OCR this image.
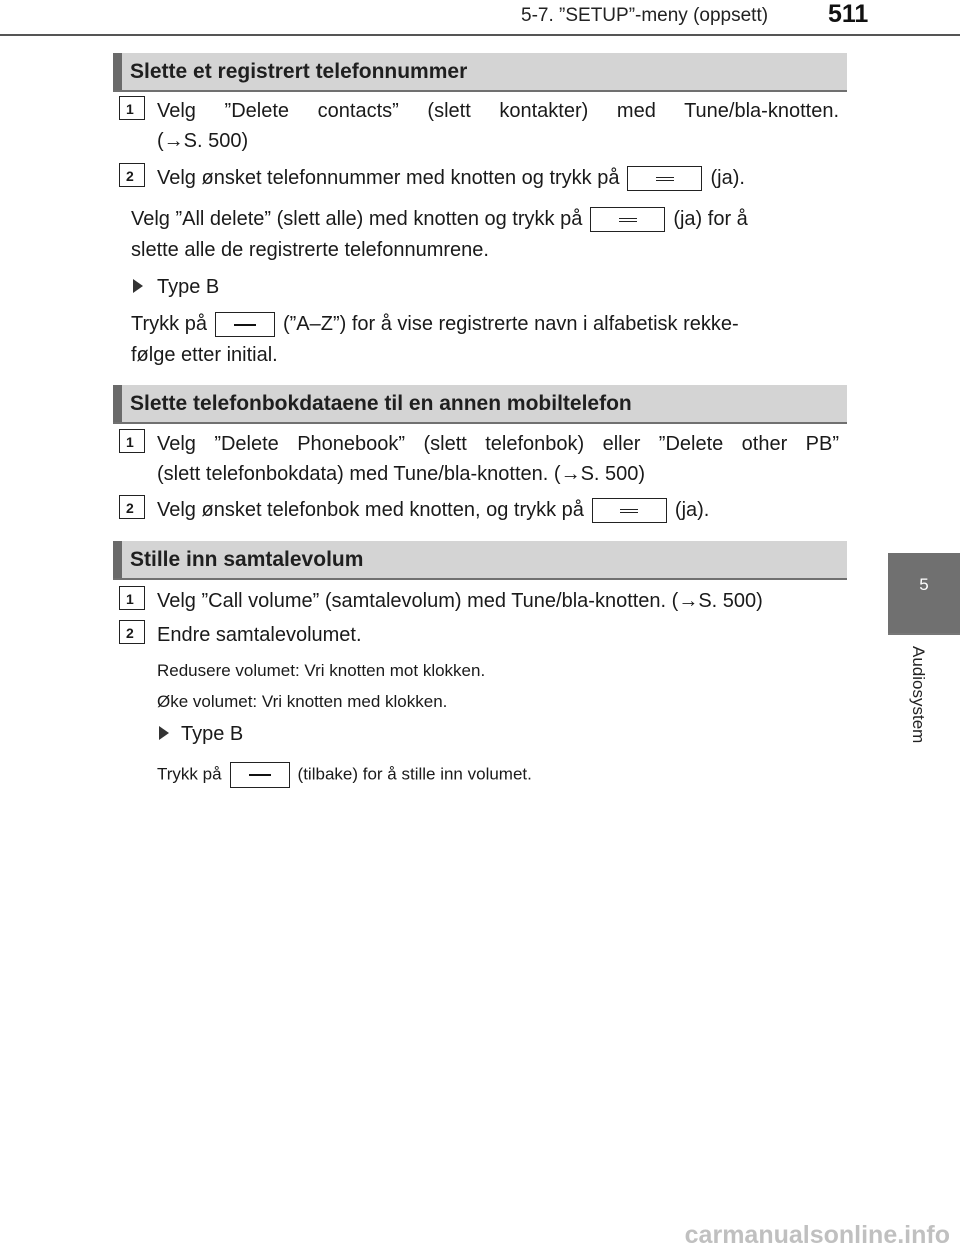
5-7. ”SETUP”-meny (oppsett) 511
5
Audiosystem
Slette et registrert telefonnummer
1	Velg ”Delete contacts” (slett kontakter) med Tune/bla-knotten.
(→S. 500)
2	Velg ønsket telefonnummer med knotten og trykk på	(ja).
Velg ”All delete” (slett alle) med knotten og trykk på	(ja) for å
slette alle de registrerte telefonnumrene.
Type B
Trykk på	(”A–Z”) for å vise registrerte navn i alfabetisk rekke-
følge etter initial.
Slette telefonbokdataene til en annen mobiltelefon
1	Velg ”Delete Phonebook” (slett telefonbok) eller ”Delete other PB”
(slett telefonbokdata) med Tune/bla-knotten. (→S. 500)
2	Velg ønsket telefonbok med knotten, og trykk på	(ja).
Stille inn samtalevolum
1	Velg ”Call volume” (samtalevolum) med Tune/bla-knotten. (→S. 500)
2	Endre samtalevolumet.
Redusere volumet: Vri knotten mot klokken.
Øke volumet: Vri knotten med klokken.
Type B
Trykk på	(tilbake) for å stille inn volumet.
carmanualsonline.info
